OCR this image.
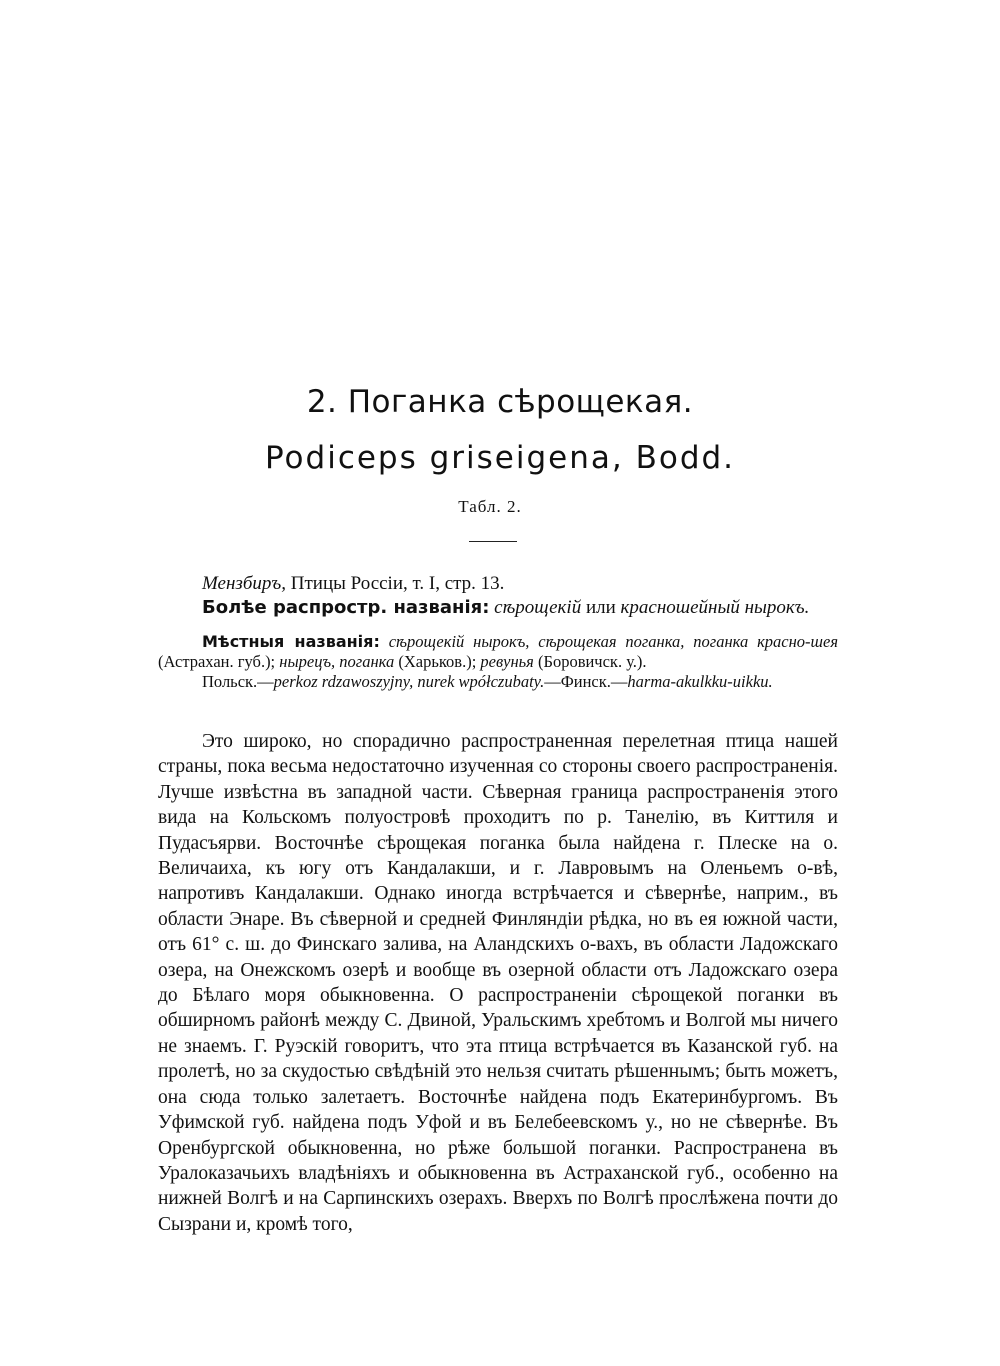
2. Поганка сѣрощекая.
Podiceps griseigena, Bodd.
Табл. 2.
Мензбиръ, Птицы Россіи, т. I, стр. 13.
Болѣе распростр. названія: сѣрощекій или красношейный нырокъ.
Мѣстныя названія: сѣрощекій нырокъ, сѣрощекая поганка, поганка красно-шея (Астрахан. губ.); нырецъ, поганка (Харьков.); ревунья (Боровичск. у.).
Польск.—perkoz rdzawoszyjny, nurek wpółczubaty.—Финск.—harma-akulkku-uikku.

Это широко, но спорадично распространенная перелетная птица нашей страны, пока весьма недостаточно изученная со стороны своего распространенія. Лучше извѣстна въ западной части. Сѣверная граница распространенія этого вида на Кольскомъ полуостровѣ проходитъ по р. Танелію, въ Киттиля и Пудасъярви. Восточнѣе сѣрощекая поганка была найдена г. Плеске на о. Величаиха, къ югу отъ Кандалакши, и г. Лавровымъ на Оленьемъ о-вѣ, напротивъ Кандалакши. Однако иногда встрѣчается и сѣвернѣе, наприм., въ области Энаре. Въ сѣверной и средней Финляндіи рѣдка, но въ ея южной части, отъ 61° с. ш. до Финскаго залива, на Аландскихъ о-вахъ, въ области Ладожскаго озера, на Онежскомъ озерѣ и вообще въ озерной области отъ Ладожскаго озера до Бѣлаго моря обыкновенна. О распространеніи сѣрощекой поганки въ обширномъ районѣ между С. Двиной, Уральскимъ хребтомъ и Волгой мы ничего не знаемъ. Г. Руэскій говоритъ, что эта птица встрѣчается въ Казанской губ. на пролетѣ, но за скудостью свѣдѣній это нельзя считать рѣшеннымъ; быть можетъ, она сюда только залетаетъ. Восточнѣе найдена подъ Екатеринбургомъ. Въ Уфимской губ. найдена подъ Уфой и въ Белебеевскомъ у., но не сѣвернѣе. Въ Оренбургской обыкновенна, но рѣже большой поганки. Распространена въ Уралоказачьихъ владѣніяхъ и обыкновенна въ Астраханской губ., особенно на нижней Волгѣ и на Сарпинскихъ озерахъ. Вверхъ по Волгѣ прослѣжена почти до Сызрани и, кромѣ того,
